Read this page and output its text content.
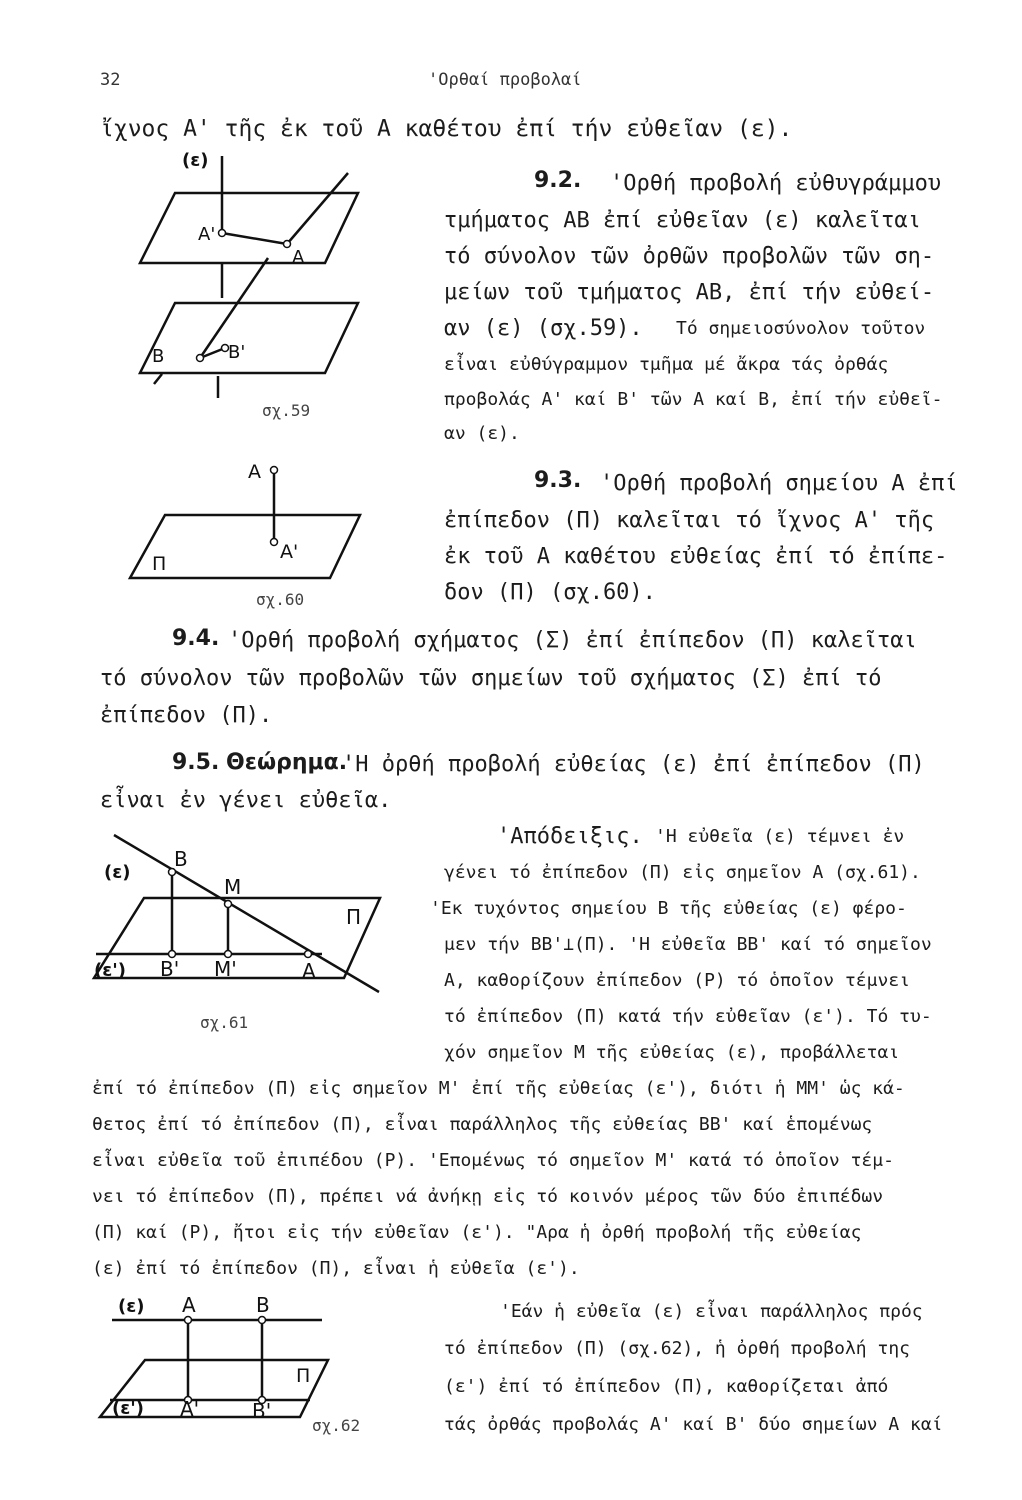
32	'Ορθαί προβολαί
ἴχνος Α' τῆς ἐκ τοῦ Α καθέτου ἐπί τήν εὐθεῖαν (ε).
(ε)
A'
A
B	B'
σχ.59
9.2. 'Ορθή προβολή εὐθυγράμμου
τμήματος ΑΒ ἐπί εὐθεῖαν (ε) καλεῖται
τό σύνολον τῶν ὀρθῶν προβολῶν τῶν ση-
μείων τοῦ τμήματος ΑΒ, ἐπί τήν εὐθεί-
αν (ε) (σχ.59). Τό σημειοσύνολον τοῦτον
εἶναι εὐθύγραμμον τμῆμα μέ ἄκρα τάς ὀρθάς
προβολάς Α' καί Β' τῶν Α καί Β, ἐπί τήν εὐθεῖ-
αν (ε).
A
A'
Π
σχ.60
9.3. 'Ορθή προβολή σημείου Α ἐπί
ἐπίπεδον (Π) καλεῖται τό ἴχνος Α' τῆς
ἐκ τοῦ Α καθέτου εὐθείας ἐπί τό ἐπίπε-
δον (Π) (σχ.60).
9.4. 'Ορθή προβολή σχήματος (Σ) ἐπί ἐπίπεδον (Π) καλεῖται
τό σύνολον τῶν προβολῶν τῶν σημείων τοῦ σχήματος (Σ) ἐπί τό
ἐπίπεδον (Π).
9.5. Θεώρημα.
'Η ὀρθή προβολή εὐθείας (ε) ἐπί ἐπίπεδον (Π)
εἶναι ἐν γένει εὐθεῖα.
(ε)
B
M
Π
(ε') B' M'	A
σχ.61
'Απόδειξις. 'Η εὐθεῖα (ε) τέμνει ἐν
γένει τό ἐπίπεδον (Π) εἰς σημεῖον Α (σχ.61).
'Εκ τυχόντος σημείου Β τῆς εὐθείας (ε) φέρο-
μεν τήν ΒΒ'⊥(Π). 'Η εὐθεῖα ΒΒ' καί τό σημεῖον
Α, καθορίζουν ἐπίπεδον (Ρ) τό ὁποῖον τέμνει
τό ἐπίπεδον (Π) κατά τήν εὐθεῖαν (ε'). Τό τυ-
χόν σημεῖον Μ τῆς εὐθείας (ε), προβάλλεται
ἐπί τό ἐπίπεδον (Π) εἰς σημεῖον Μ' ἐπί τῆς εὐθείας (ε'), διότι ἡ ΜΜ' ὡς κά-
θετος ἐπί τό ἐπίπεδον (Π), εἶναι παράλληλος τῆς εὐθείας ΒΒ' καί ἑπομένως
εἶναι εὐθεῖα τοῦ ἐπιπέδου (Ρ). 'Επομένως τό σημεῖον Μ' κατά τό ὁποῖον τέμ-
νει τό ἐπίπεδον (Π), πρέπει νά ἀνήκῃ εἰς τό κοινόν μέρος τῶν δύο ἐπιπέδων
(Π) καί (Ρ), ἤτοι εἰς τήν εὐθεῖαν (ε'). "Αρα ἡ ὀρθή προβολή τῆς εὐθείας
(ε) ἐπί τό ἐπίπεδον (Π), εἶναι ἡ εὐθεῖα (ε').
(ε) A	B
Π
(ε') A'	B'
σχ.62
'Εάν ἡ εὐθεῖα (ε) εἶναι παράλληλος πρός
τό ἐπίπεδον (Π) (σχ.62), ἡ ὀρθή προβολή της
(ε') ἐπί τό ἐπίπεδον (Π), καθορίζεται ἀπό
τάς ὀρθάς προβολάς Α' καί Β' δύο σημείων Α καί
